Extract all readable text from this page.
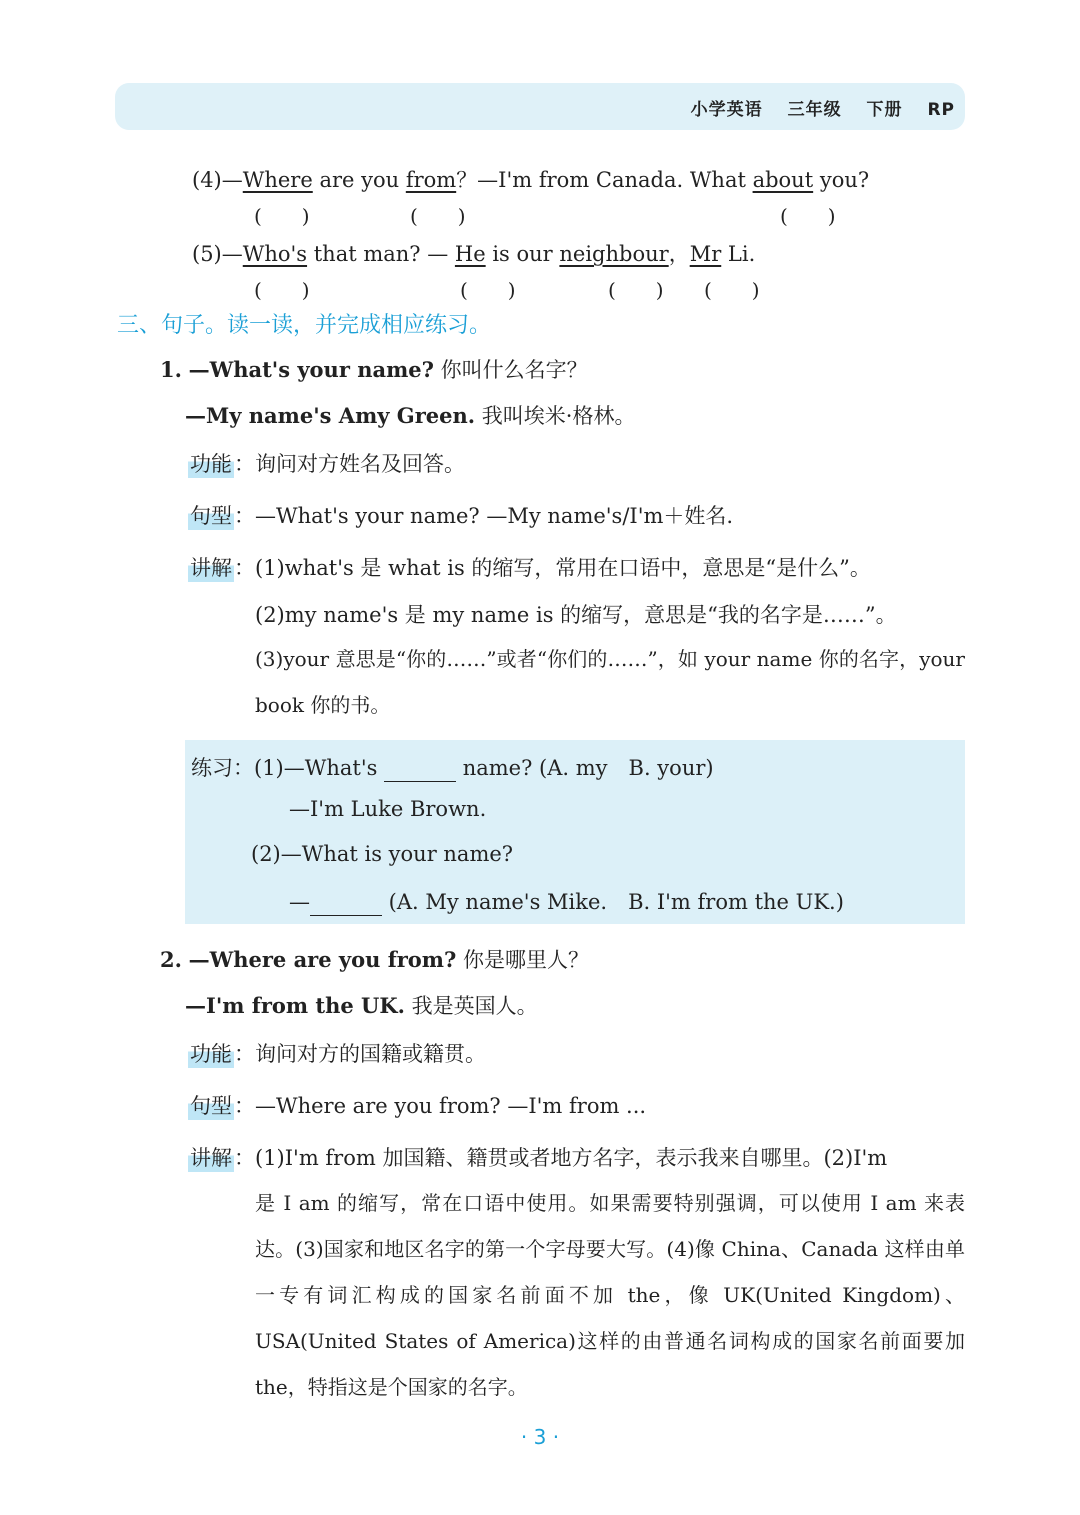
小学英语 三年级 下册 RP
(4)—Where are you from？—I'm from Canada. What about you?
(　　)	(　　)	(　　)
(5)—Who's that man? — He is our neighbour，Mr Li.
(　　)	(　　)	(　　) (　　)
三、句子。读一读，并完成相应练习。
1. —What's your name? 你叫什么名字？
—My name's Amy Green. 我叫埃米·格林。
功能：询问对方姓名及回答。
句型：—What's your name? —My name's/I'm＋姓名.
讲解：(1)what's 是 what is 的缩写，常用在口语中，意思是“是什么”。
(2)my name's 是 my name is 的缩写，意思是“我的名字是……”。
(3)your 意思是“你的……”或者“你们的……”，如 your name 你的名字，your book 你的书。
练习：(1)—What's	name? (A. my　B. your)
—I'm Luke Brown.
(2)—What is your name?
—	(A. My name's Mike.　B. I'm from the UK.)
2. —Where are you from? 你是哪里人？
—I'm from the UK. 我是英国人。
功能：询问对方的国籍或籍贯。
句型：—Where are you from? —I'm from ...
讲解：(1)I'm from 加国籍、籍贯或者地方名字，表示我来自哪里。(2)I'm
是 I am 的缩写，常在口语中使用。如果需要特别强调，可以使用 I am 来表达。(3)国家和地区名字的第一个字母要大写。(4)像 China、Canada 这样由单一专有词汇构成的国家名前面不加 the，像 UK(United Kingdom)、USA(United States of America)这样的由普通名词构成的国家名前面要加 the，特指这是个国家的名字。
· 3 ·
